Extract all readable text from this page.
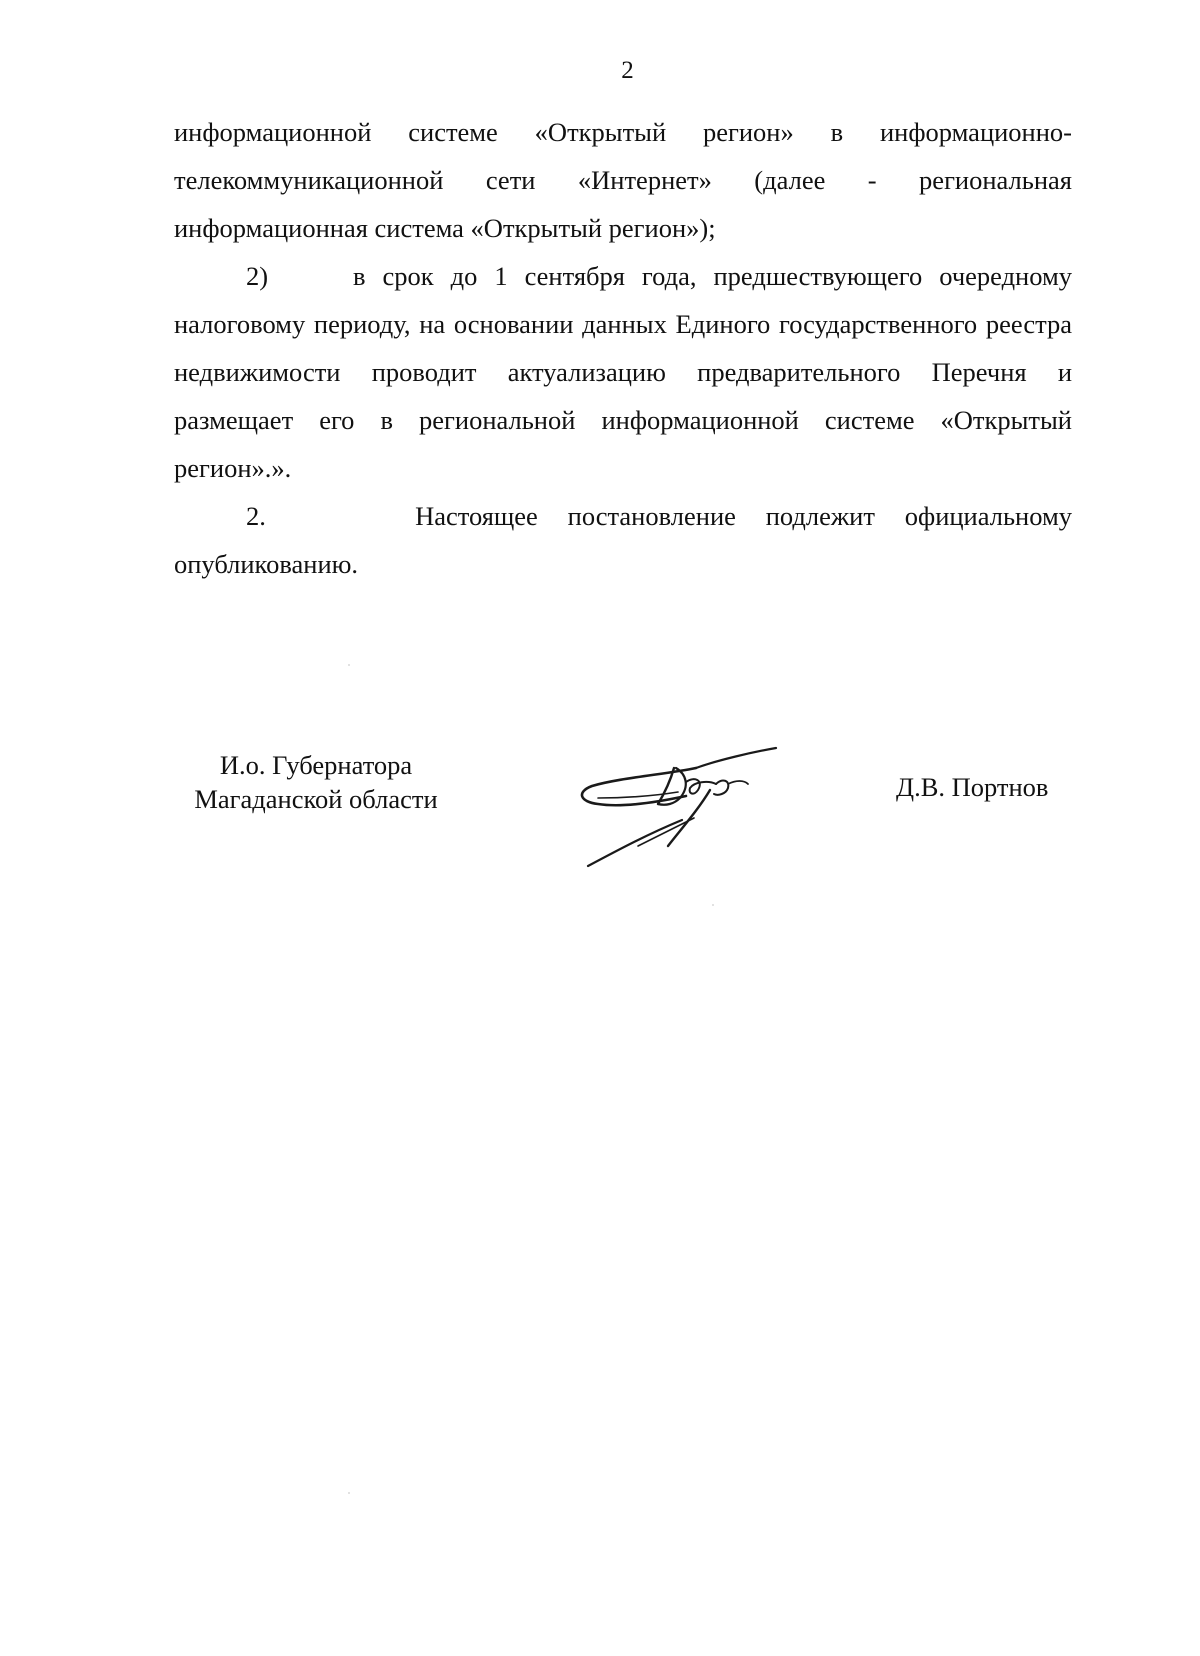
2

информационной системе «Открытый регион» в информационно-телекоммуникационной сети «Интернет» (далее - региональная информационная система «Открытый регион»);

2)     в срок до 1 сентября года, предшествующего очередному налоговому периоду, на основании данных Единого государственного реестра недвижимости проводит актуализацию предварительного Перечня и размещает его в региональной информационной системе «Открытый регион».».

2.     Настоящее постановление подлежит официальному опубликованию.

И.о. Губернатора
Магаданской области	Д.В. Портнов
